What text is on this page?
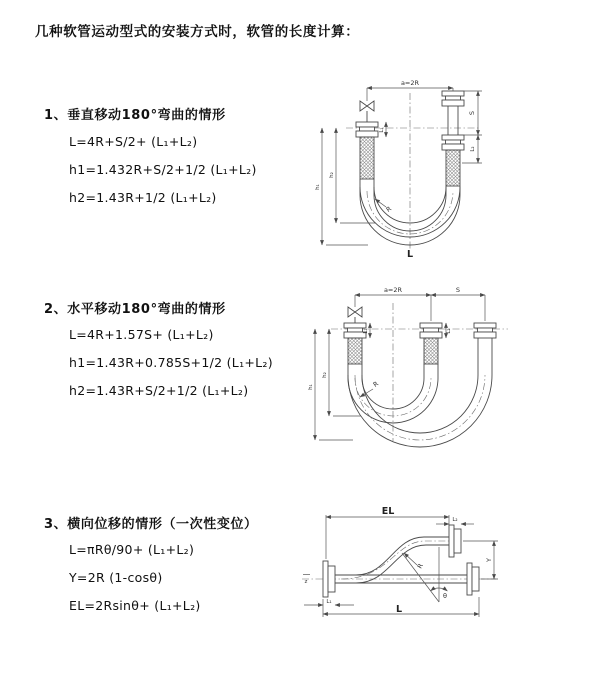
几种软管运动型式的安装方式时，软管的长度计算：
1、垂直移动180°弯曲的情形
L=4R+S/2+ (L₁+L₂)
h1=1.432R+S/2+1/2 (L₁+L₂)
h2=1.43R+1/2 (L₁+L₂)
2、水平移动180°弯曲的情形
L=4R+1.57S+ (L₁+L₂)
h1=1.43R+0.785S+1/2 (L₁+L₂)
h2=1.43R+S/2+1/2 (L₁+L₂)
3、横向位移的情形（一次性变位）
L=πRθ/90+ (L₁+L₂)
Y=2R (1-cosθ)
EL=2Rsinθ+ (L₁+L₂)
a=2R
S
L₂
h₁
h₂
L₁
R
L
a=2R	S
h₁
h₂
L₁	L₂
R
z
EL
L₂
Y
θ
R
L
L₁
